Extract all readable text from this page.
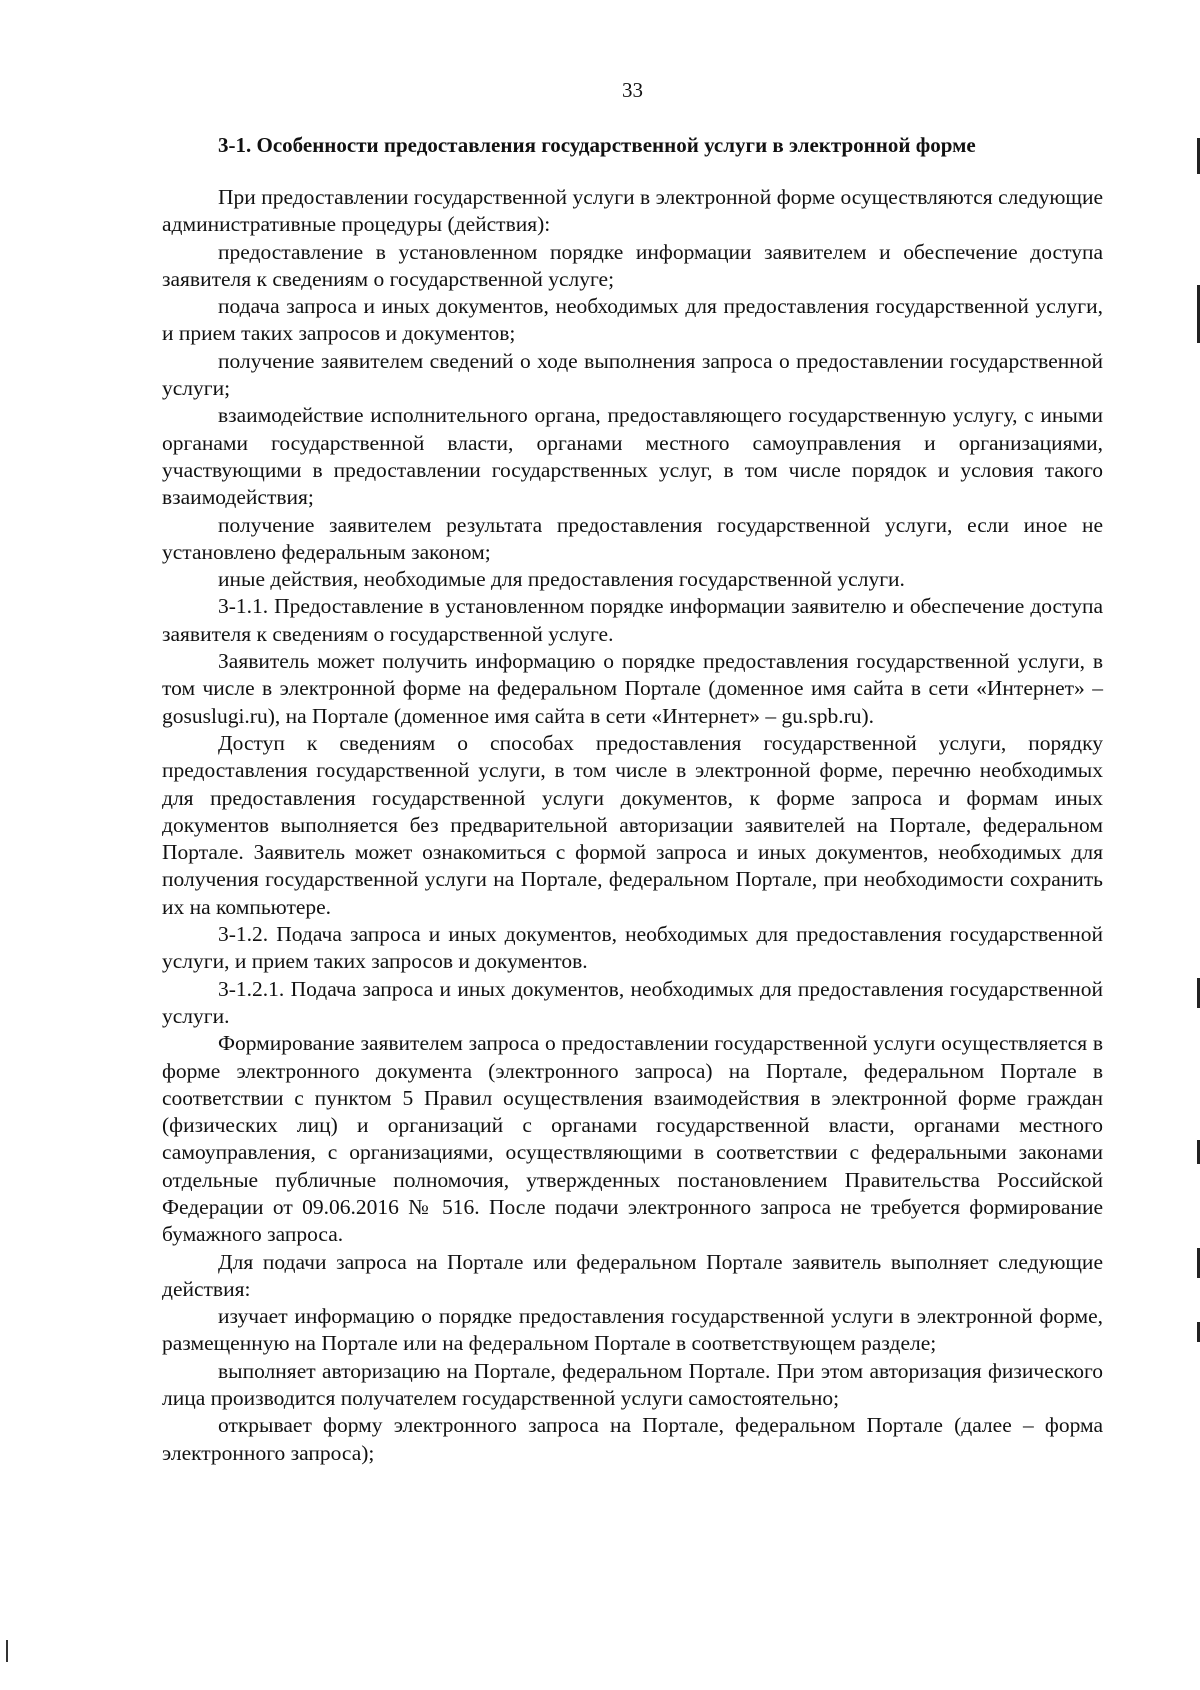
33
3-1. Особенности предоставления государственной услуги в электронной форме

При предоставлении государственной услуги в электронной форме осуществляются следующие административные процедуры (действия):

предоставление в установленном порядке информации заявителем и обеспечение доступа заявителя к сведениям о государственной услуге;

подача запроса и иных документов, необходимых для предоставления государственной услуги, и прием таких запросов и документов;

получение заявителем сведений о ходе выполнения запроса о предоставлении государственной услуги;

взаимодействие исполнительного органа, предоставляющего государственную услугу, с иными органами государственной власти, органами местного самоуправления и организациями, участвующими в предоставлении государственных услуг, в том числе порядок и условия такого взаимодействия;

получение заявителем результата предоставления государственной услуги, если иное не установлено федеральным законом;

иные действия, необходимые для предоставления государственной услуги.

3-1.1. Предоставление в установленном порядке информации заявителю и обеспечение доступа заявителя к сведениям о государственной услуге.

Заявитель может получить информацию о порядке предоставления государственной услуги, в том числе в электронной форме на федеральном Портале (доменное имя сайта в сети «Интернет» – gosuslugi.ru), на Портале (доменное имя сайта в сети «Интернет» – gu.spb.ru).

Доступ к сведениям о способах предоставления государственной услуги, порядку предоставления государственной услуги, в том числе в электронной форме, перечню необходимых для предоставления государственной услуги документов, к форме запроса и формам иных документов выполняется без предварительной авторизации заявителей на Портале, федеральном Портале. Заявитель может ознакомиться с формой запроса и иных документов, необходимых для получения государственной услуги на Портале, федеральном Портале, при необходимости сохранить их на компьютере.

3-1.2. Подача запроса и иных документов, необходимых для предоставления государственной услуги, и прием таких запросов и документов.

3-1.2.1. Подача запроса и иных документов, необходимых для предоставления государственной услуги.

Формирование заявителем запроса о предоставлении государственной услуги осуществляется в форме электронного документа (электронного запроса) на Портале, федеральном Портале в соответствии с пунктом 5 Правил осуществления взаимодействия в электронной форме граждан (физических лиц) и организаций с органами государственной власти, органами местного самоуправления, с организациями, осуществляющими в соответствии с федеральными законами отдельные публичные полномочия, утвержденных постановлением Правительства Российской Федерации от 09.06.2016 № 516. После подачи электронного запроса не требуется формирование бумажного запроса.

Для подачи запроса на Портале или федеральном Портале заявитель выполняет следующие действия:

изучает информацию о порядке предоставления государственной услуги в электронной форме, размещенную на Портале или на федеральном Портале в соответствующем разделе;

выполняет авторизацию на Портале, федеральном Портале. При этом авторизация физического лица производится получателем государственной услуги самостоятельно;

открывает форму электронного запроса на Портале, федеральном Портале (далее – форма электронного запроса);
